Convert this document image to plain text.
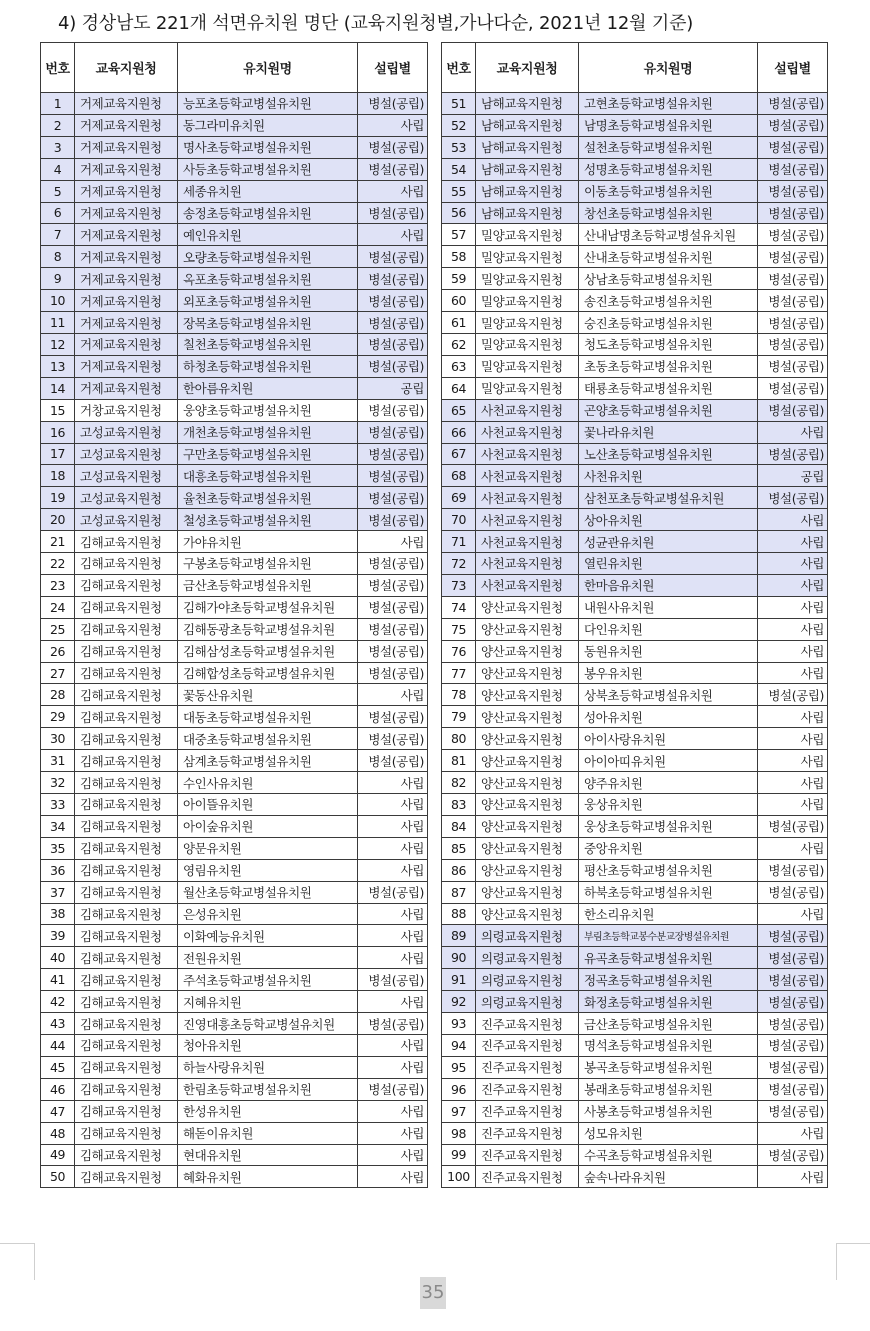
4) 경상남도 221개 석면유치원 명단 (교육지원청별,가나다순, 2021년 12월 기준)
번호	교육지원청	유치원명	설립별
1	거제교육지원청	능포초등학교병설유치원	병설(공립)
2	거제교육지원청	동그라미유치원	사립
3	거제교육지원청	명사초등학교병설유치원	병설(공립)
4	거제교육지원청	사등초등학교병설유치원	병설(공립)
5	거제교육지원청	세종유치원	사립
6	거제교육지원청	송정초등학교병설유치원	병설(공립)
7	거제교육지원청	예인유치원	사립
8	거제교육지원청	오량초등학교병설유치원	병설(공립)
9	거제교육지원청	옥포초등학교병설유치원	병설(공립)
10	거제교육지원청	외포초등학교병설유치원	병설(공립)
11	거제교육지원청	장목초등학교병설유치원	병설(공립)
12	거제교육지원청	칠천초등학교병설유치원	병설(공립)
13	거제교육지원청	하청초등학교병설유치원	병설(공립)
14	거제교육지원청	한아름유치원	공립
15	거창교육지원청	웅양초등학교병설유치원	병설(공립)
16	고성교육지원청	개천초등학교병설유치원	병설(공립)
17	고성교육지원청	구만초등학교병설유치원	병설(공립)
18	고성교육지원청	대흥초등학교병설유치원	병설(공립)
19	고성교육지원청	율천초등학교병설유치원	병설(공립)
20	고성교육지원청	철성초등학교병설유치원	병설(공립)
21	김해교육지원청	가야유치원	사립
22	김해교육지원청	구봉초등학교병설유치원	병설(공립)
23	김해교육지원청	금산초등학교병설유치원	병설(공립)
24	김해교육지원청	김해가야초등학교병설유치원	병설(공립)
25	김해교육지원청	김해동광초등학교병설유치원	병설(공립)
26	김해교육지원청	김해삼성초등학교병설유치원	병설(공립)
27	김해교육지원청	김해합성초등학교병설유치원	병설(공립)
28	김해교육지원청	꽃동산유치원	사립
29	김해교육지원청	대동초등학교병설유치원	병설(공립)
30	김해교육지원청	대중초등학교병설유치원	병설(공립)
31	김해교육지원청	삼계초등학교병설유치원	병설(공립)
32	김해교육지원청	수인사유치원	사립
33	김해교육지원청	아이뜰유치원	사립
34	김해교육지원청	아이숲유치원	사립
35	김해교육지원청	양문유치원	사립
36	김해교육지원청	영림유치원	사립
37	김해교육지원청	월산초등학교병설유치원	병설(공립)
38	김해교육지원청	은성유치원	사립
39	김해교육지원청	이화예능유치원	사립
40	김해교육지원청	전원유치원	사립
41	김해교육지원청	주석초등학교병설유치원	병설(공립)
42	김해교육지원청	지혜유치원	사립
43	김해교육지원청	진영대흥초등학교병설유치원	병설(공립)
44	김해교육지원청	청아유치원	사립
45	김해교육지원청	하늘사랑유치원	사립
46	김해교육지원청	한림초등학교병설유치원	병설(공립)
47	김해교육지원청	한성유치원	사립
48	김해교육지원청	해돋이유치원	사립
49	김해교육지원청	현대유치원	사립
50	김해교육지원청	혜화유치원	사립
번호	교육지원청	유치원명	설립별
51	남해교육지원청	고현초등학교병설유치원	병설(공립)
52	남해교육지원청	남명초등학교병설유치원	병설(공립)
53	남해교육지원청	설천초등학교병설유치원	병설(공립)
54	남해교육지원청	성명초등학교병설유치원	병설(공립)
55	남해교육지원청	이동초등학교병설유치원	병설(공립)
56	남해교육지원청	창선초등학교병설유치원	병설(공립)
57	밀양교육지원청	산내남명초등학교병설유치원	병설(공립)
58	밀양교육지원청	산내초등학교병설유치원	병설(공립)
59	밀양교육지원청	상남초등학교병설유치원	병설(공립)
60	밀양교육지원청	송진초등학교병설유치원	병설(공립)
61	밀양교육지원청	숭진초등학교병설유치원	병설(공립)
62	밀양교육지원청	청도초등학교병설유치원	병설(공립)
63	밀양교육지원청	초동초등학교병설유치원	병설(공립)
64	밀양교육지원청	태룡초등학교병설유치원	병설(공립)
65	사천교육지원청	곤양초등학교병설유치원	병설(공립)
66	사천교육지원청	꽃나라유치원	사립
67	사천교육지원청	노산초등학교병설유치원	병설(공립)
68	사천교육지원청	사천유치원	공립
69	사천교육지원청	삼천포초등학교병설유치원	병설(공립)
70	사천교육지원청	상아유치원	사립
71	사천교육지원청	성균관유치원	사립
72	사천교육지원청	열린유치원	사립
73	사천교육지원청	한마음유치원	사립
74	양산교육지원청	내원사유치원	사립
75	양산교육지원청	다인유치원	사립
76	양산교육지원청	동원유치원	사립
77	양산교육지원청	봉우유치원	사립
78	양산교육지원청	상북초등학교병설유치원	병설(공립)
79	양산교육지원청	성아유치원	사립
80	양산교육지원청	아이사랑유치원	사립
81	양산교육지원청	아이아띠유치원	사립
82	양산교육지원청	양주유치원	사립
83	양산교육지원청	웅상유치원	사립
84	양산교육지원청	웅상초등학교병설유치원	병설(공립)
85	양산교육지원청	중앙유치원	사립
86	양산교육지원청	평산초등학교병설유치원	병설(공립)
87	양산교육지원청	하북초등학교병설유치원	병설(공립)
88	양산교육지원청	한소리유치원	사립
89	의령교육지원청	부림초등학교봉수분교장병설유치원	병설(공립)
90	의령교육지원청	유곡초등학교병설유치원	병설(공립)
91	의령교육지원청	정곡초등학교병설유치원	병설(공립)
92	의령교육지원청	화정초등학교병설유치원	병설(공립)
93	진주교육지원청	금산초등학교병설유치원	병설(공립)
94	진주교육지원청	명석초등학교병설유치원	병설(공립)
95	진주교육지원청	봉곡초등학교병설유치원	병설(공립)
96	진주교육지원청	봉래초등학교병설유치원	병설(공립)
97	진주교육지원청	사봉초등학교병설유치원	병설(공립)
98	진주교육지원청	성모유치원	사립
99	진주교육지원청	수곡초등학교병설유치원	병설(공립)
100	진주교육지원청	숲속나라유치원	사립
35
